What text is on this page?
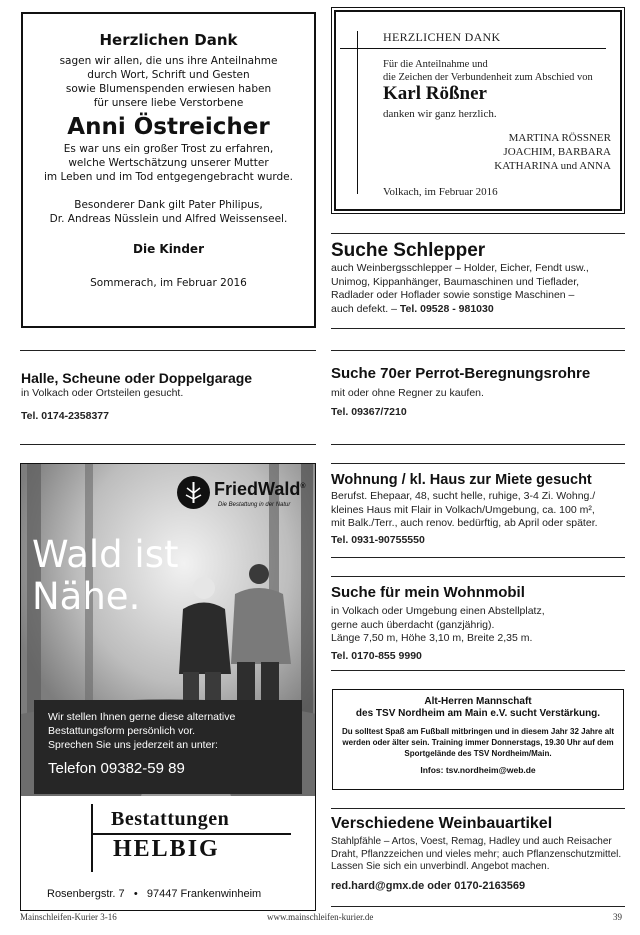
Herzlichen Dank
sagen wir allen, die uns ihre Anteilnahme
durch Wort, Schrift und Gesten
sowie Blumenspenden erwiesen haben
für unsere liebe Verstorbene
Anni Östreicher
Es war uns ein großer Trost zu erfahren,
welche Wertschätzung unserer Mutter
im Leben und im Tod entgegengebracht wurde.
Besonderer Dank gilt Pater Philipus,
Dr. Andreas Nüsslein und Alfred Weissenseel.
Die Kinder
Sommerach, im Februar 2016
HERZLICHEN DANK
Für die Anteilnahme und
die Zeichen der Verbundenheit zum Abschied von
Karl Rößner
danken wir ganz herzlich.
MARTINA RÖSSNER
JOACHIM, BARBARA
KATHARINA und ANNA
Volkach, im Februar 2016
Suche Schlepper
auch Weinbergsschlepper – Holder, Eicher, Fendt usw.,
Unimog, Kippanhänger, Baumaschinen und Tieflader,
Radlader oder Hoflader sowie sonstige Maschinen –
auch defekt. – Tel. 09528 - 981030
Halle, Scheune oder Doppelgarage
in Volkach oder Ortsteilen gesucht.
Tel. 0174-2358377
Suche 70er Perrot-Beregnungsrohre
mit oder ohne Regner zu kaufen.
Tel. 09367/7210
Wohnung / kl. Haus zur Miete gesucht
Berufst. Ehepaar, 48, sucht helle, ruhige, 3-4 Zi. Wohng./
kleines Haus mit Flair in Volkach/Umgebung, ca. 100 m²,
mit Balk./Terr., auch renov. bedürftig, ab April oder später.
Tel. 0931-90755550
Suche für mein Wohnmobil
in Volkach oder Umgebung einen Abstellplatz,
gerne auch überdacht (ganzjährig).
Länge 7,50 m, Höhe 3,10 m, Breite 2,35 m.
Tel. 0170-855 9990
Alt-Herren Mannschaft
des TSV Nordheim am Main e.V. sucht Verstärkung.
Du solltest Spaß am Fußball mitbringen und in diesem Jahr 32 Jahre alt
werden oder älter sein. Training immer Donnerstags, 19.30 Uhr auf dem
Sportgelände des TSV Nordheim/Main.
Infos: tsv.nordheim@web.de
Verschiedene Weinbauartikel
Stahlpfähle – Artos, Voest, Remag, Hadley und auch Reisacher
Draht, Pflanzzeichen und vieles mehr; auch Pflanzenschutzmittel.
Lassen Sie sich ein unverbindl. Angebot machen.
red.hard@gmx.de oder 0170-2163569
FriedWald®
Die Bestattung in der Natur
Wald ist
Nähe.
Wir stellen Ihnen gerne diese alternative
Bestattungsform persönlich vor.
Sprechen Sie uns jederzeit an unter:
Telefon 09382-59 89
Bestattungen
HELBIG
Rosenbergstr. 7   •   97447 Frankenwinheim
Mainschleifen-Kurier 3-16	www.mainschleifen-kurier.de	39
